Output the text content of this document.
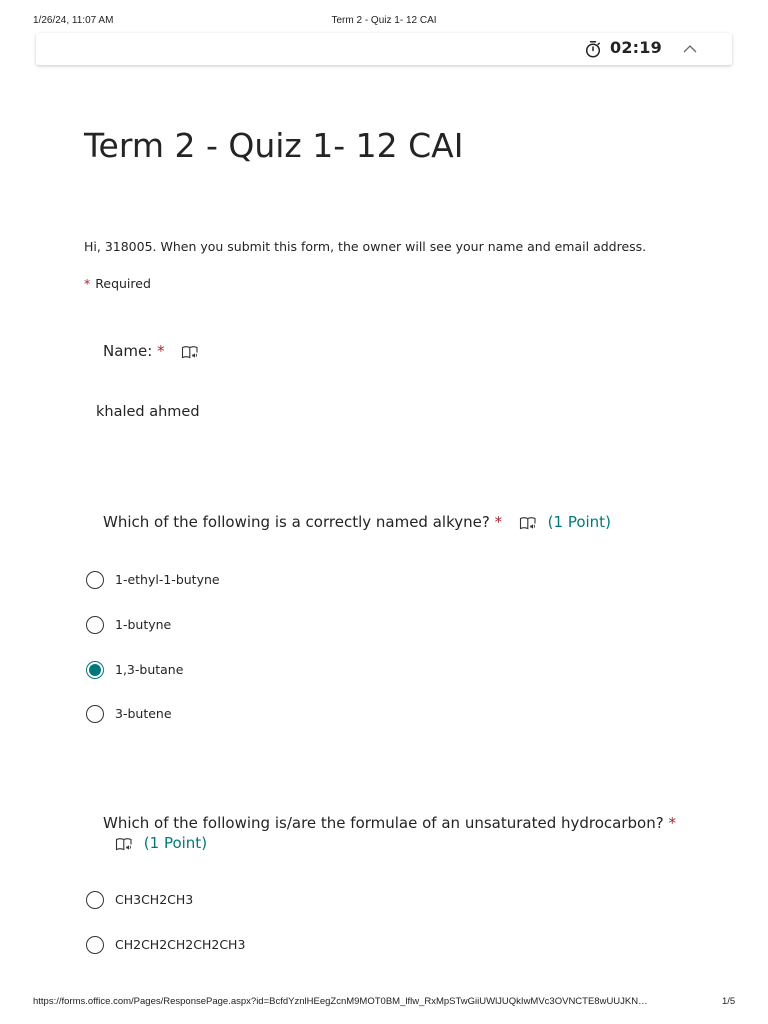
1/26/24, 11:07 AM	Term 2 - Quiz 1- 12 CAI
02:19
Term 2 - Quiz 1- 12 CAI
Hi, 318005. When you submit this form, the owner will see your name and email address.
* Required
Name: *
khaled ahmed
Which of the following is a correctly named alkyne? *	(1 Point)
1-ethyl-1-butyne
1-butyne
1,3-butane
3-butene
Which of the following is/are the formulae of an unsaturated hydrocarbon? *
(1 Point)
CH3CH2CH3
CH2CH2CH2CH2CH3
https://forms.office.com/Pages/ResponsePage.aspx?id=BcfdYznlHEegZcnM9MOT0BM_lflw_RxMpSTwGiiUWlJUQkIwMVc3OVNCTE8wUUJKN…	1/5
